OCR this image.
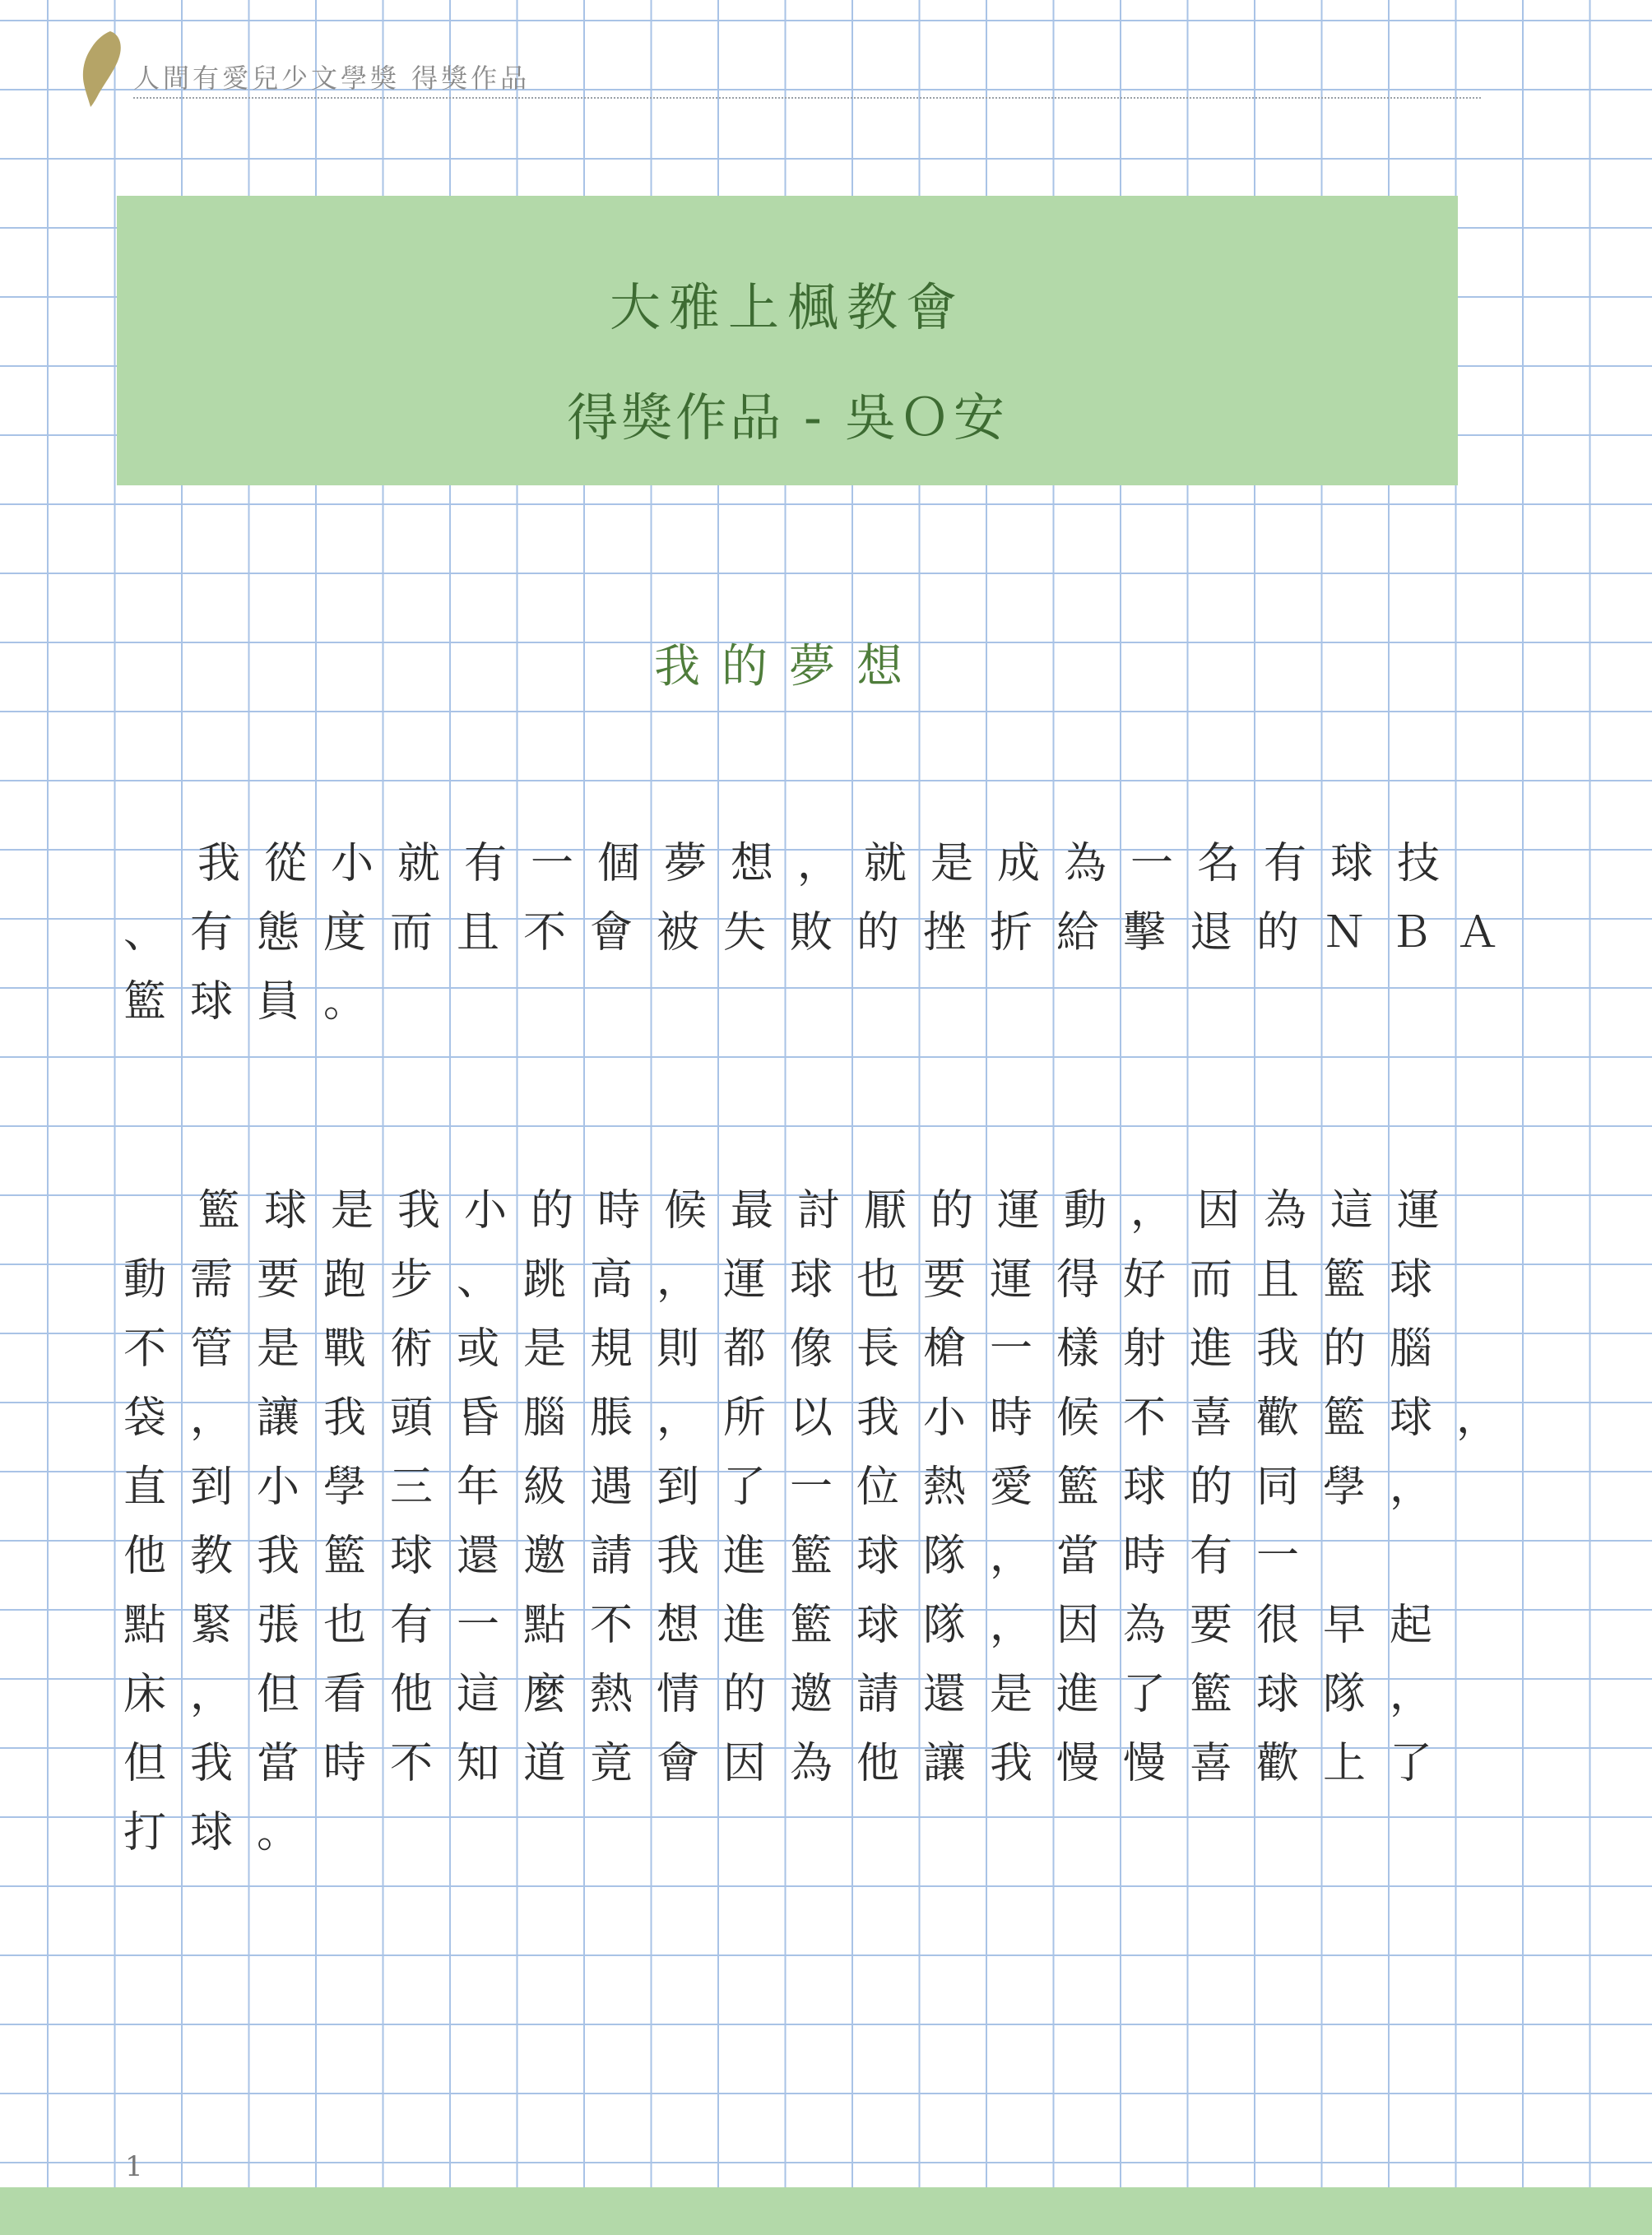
人間有愛兒少文學獎 得獎作品
大雅上楓教會
得獎作品 - 吳Ｏ安
我的夢想
我從小就有一個夢想，就是成為一名有球技
、有態度而且不會被失敗的挫折給擊退的ＮＢＡ
籃球員。
籃球是我小的時候最討厭的運動，因為這運
動需要跑步、跳高，運球也要運得好而且籃球
不管是戰術或是規則都像長槍一樣射進我的腦
袋，讓我頭昏腦脹，所以我小時候不喜歡籃球，
直到小學三年級遇到了一位熱愛籃球的同學，
他教我籃球還邀請我進籃球隊，當時有一
點緊張也有一點不想進籃球隊，因為要很早起
床，但看他這麼熱情的邀請還是進了籃球隊，
但我當時不知道竟會因為他讓我慢慢喜歡上了
打球。
1
